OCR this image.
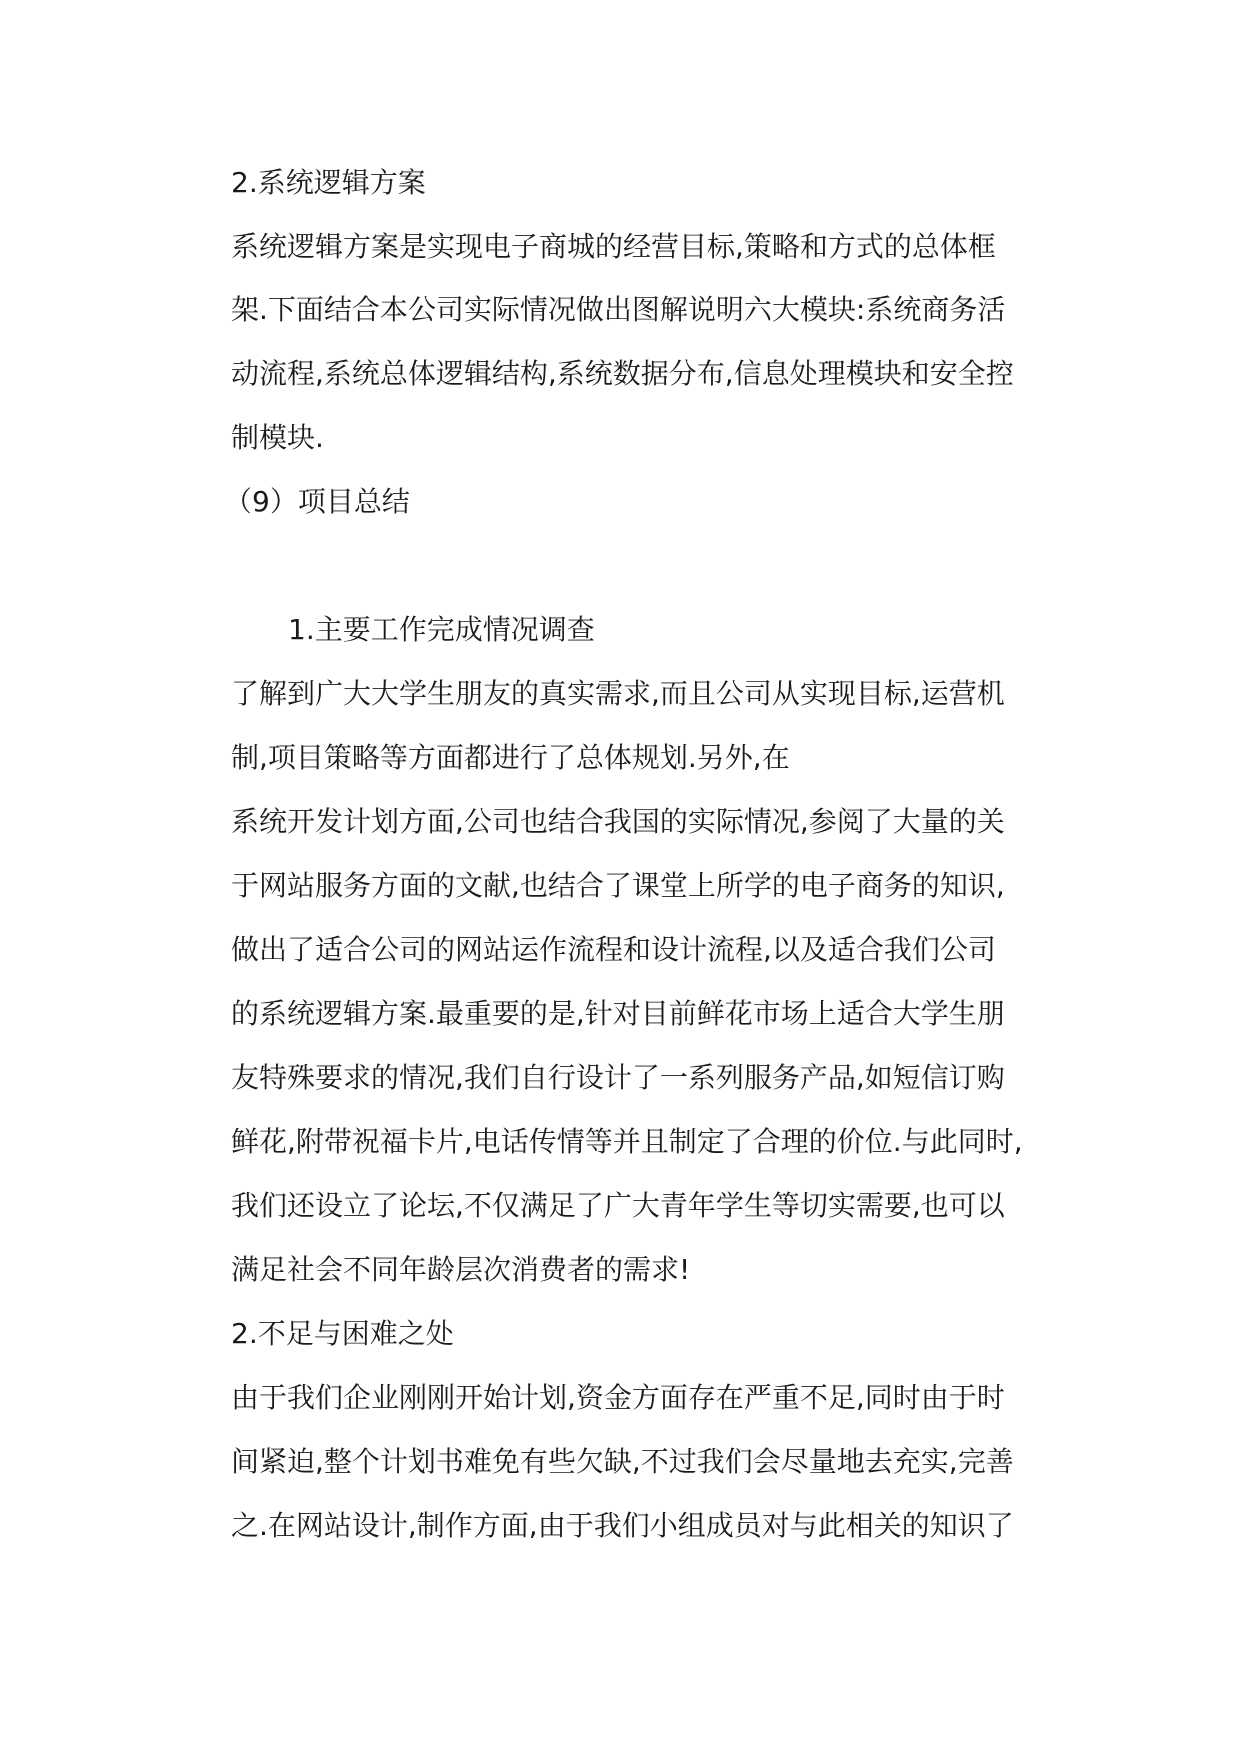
2.系统逻辑方案
系统逻辑方案是实现电子商城的经营目标,策略和方式的总体框
架.下面结合本公司实际情况做出图解说明六大模块:系统商务活
动流程,系统总体逻辑结构,系统数据分布,信息处理模块和安全控
制模块.
（9）项目总结
1.主要工作完成情况调查
了解到广大大学生朋友的真实需求,而且公司从实现目标,运营机
制,项目策略等方面都进行了总体规划.另外,在
系统开发计划方面,公司也结合我国的实际情况,参阅了大量的关
于网站服务方面的文献,也结合了课堂上所学的电子商务的知识,
做出了适合公司的网站运作流程和设计流程,以及适合我们公司
的系统逻辑方案.最重要的是,针对目前鲜花市场上适合大学生朋
友特殊要求的情况,我们自行设计了一系列服务产品,如短信订购
鲜花,附带祝福卡片,电话传情等并且制定了合理的价位.与此同时,
我们还设立了论坛,不仅满足了广大青年学生等切实需要,也可以
满足社会不同年龄层次消费者的需求!
2.不足与困难之处
由于我们企业刚刚开始计划,资金方面存在严重不足,同时由于时
间紧迫,整个计划书难免有些欠缺,不过我们会尽量地去充实,完善
之.在网站设计,制作方面,由于我们小组成员对与此相关的知识了
